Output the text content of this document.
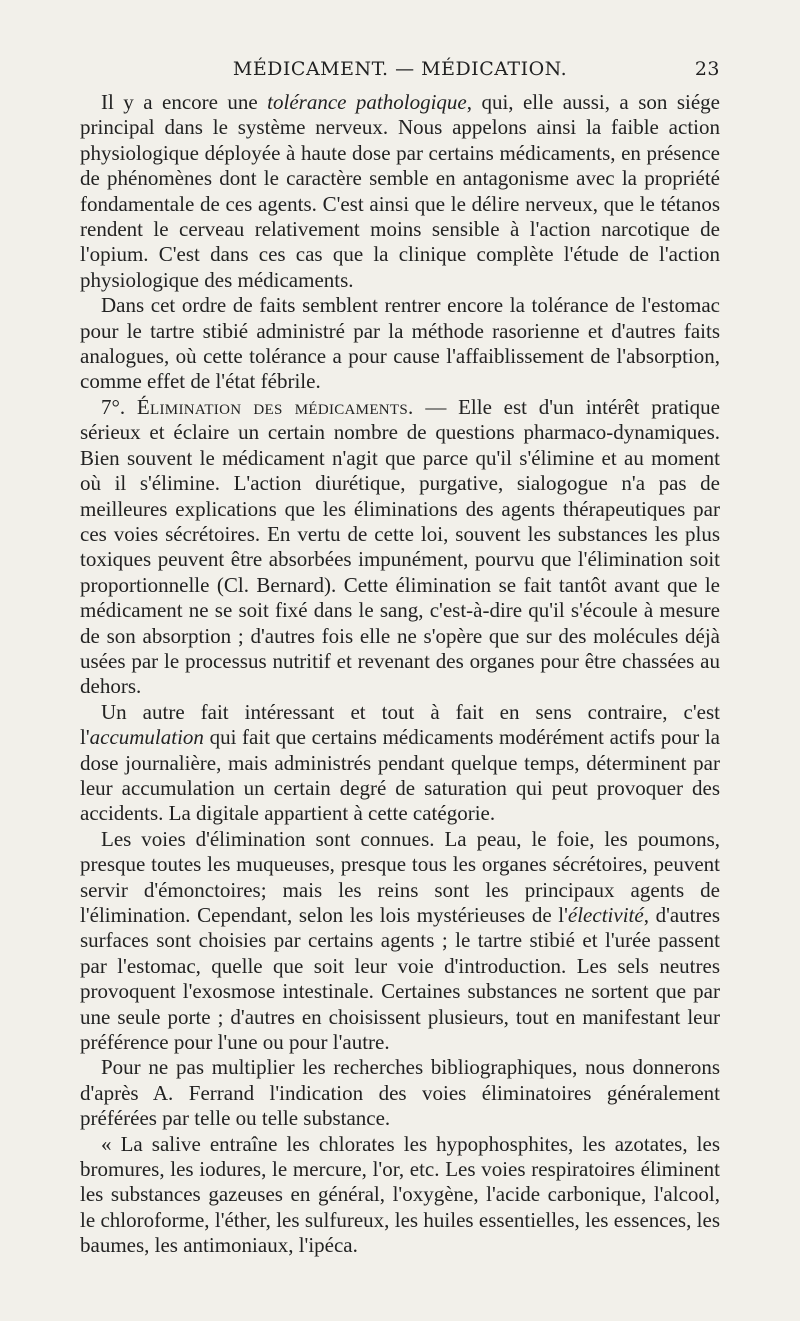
MÉDICAMENT. — MÉDICATION.	23

Il y a encore une tolérance pathologique, qui, elle aussi, a son siége principal dans le système nerveux. Nous appelons ainsi la faible action physiologique déployée à haute dose par certains médicaments, en présence de phénomènes dont le caractère semble en antagonisme avec la propriété fondamentale de ces agents. C'est ainsi que le délire nerveux, que le tétanos rendent le cerveau relativement moins sensible à l'action narcotique de l'opium. C'est dans ces cas que la clinique complète l'étude de l'action physiologique des médicaments.

Dans cet ordre de faits semblent rentrer encore la tolérance de l'estomac pour le tartre stibié administré par la méthode rasorienne et d'autres faits analogues, où cette tolérance a pour cause l'affaiblissement de l'absorption, comme effet de l'état fébrile.

7°. Élimination des médicaments. — Elle est d'un intérêt pratique sérieux et éclaire un certain nombre de questions pharmaco-dynamiques. Bien souvent le médicament n'agit que parce qu'il s'élimine et au moment où il s'élimine. L'action diurétique, purgative, sialogogue n'a pas de meilleures explications que les éliminations des agents thérapeutiques par ces voies sécrétoires. En vertu de cette loi, souvent les substances les plus toxiques peuvent être absorbées impunément, pourvu que l'élimination soit proportionnelle (Cl. Bernard). Cette élimination se fait tantôt avant que le médicament ne se soit fixé dans le sang, c'est-à-dire qu'il s'écoule à mesure de son absorption ; d'autres fois elle ne s'opère que sur des molécules déjà usées par le processus nutritif et revenant des organes pour être chassées au dehors.

Un autre fait intéressant et tout à fait en sens contraire, c'est l'accumulation qui fait que certains médicaments modérément actifs pour la dose journalière, mais administrés pendant quelque temps, déterminent par leur accumulation un certain degré de saturation qui peut provoquer des accidents. La digitale appartient à cette catégorie.

Les voies d'élimination sont connues. La peau, le foie, les poumons, presque toutes les muqueuses, presque tous les organes sécrétoires, peuvent servir d'émonctoires; mais les reins sont les principaux agents de l'élimination. Cependant, selon les lois mystérieuses de l'électivité, d'autres surfaces sont choisies par certains agents ; le tartre stibié et l'urée passent par l'estomac, quelle que soit leur voie d'introduction. Les sels neutres provoquent l'exosmose intestinale. Certaines substances ne sortent que par une seule porte ; d'autres en choisissent plusieurs, tout en manifestant leur préférence pour l'une ou pour l'autre.

Pour ne pas multiplier les recherches bibliographiques, nous donnerons d'après A. Ferrand l'indication des voies éliminatoires généralement préférées par telle ou telle substance.

« La salive entraîne les chlorates les hypophosphites, les azotates, les bromures, les iodures, le mercure, l'or, etc. Les voies respiratoires éliminent les substances gazeuses en général, l'oxygène, l'acide carbonique, l'alcool, le chloroforme, l'éther, les sulfureux, les huiles essentielles, les essences, les baumes, les antimoniaux, l'ipéca.
